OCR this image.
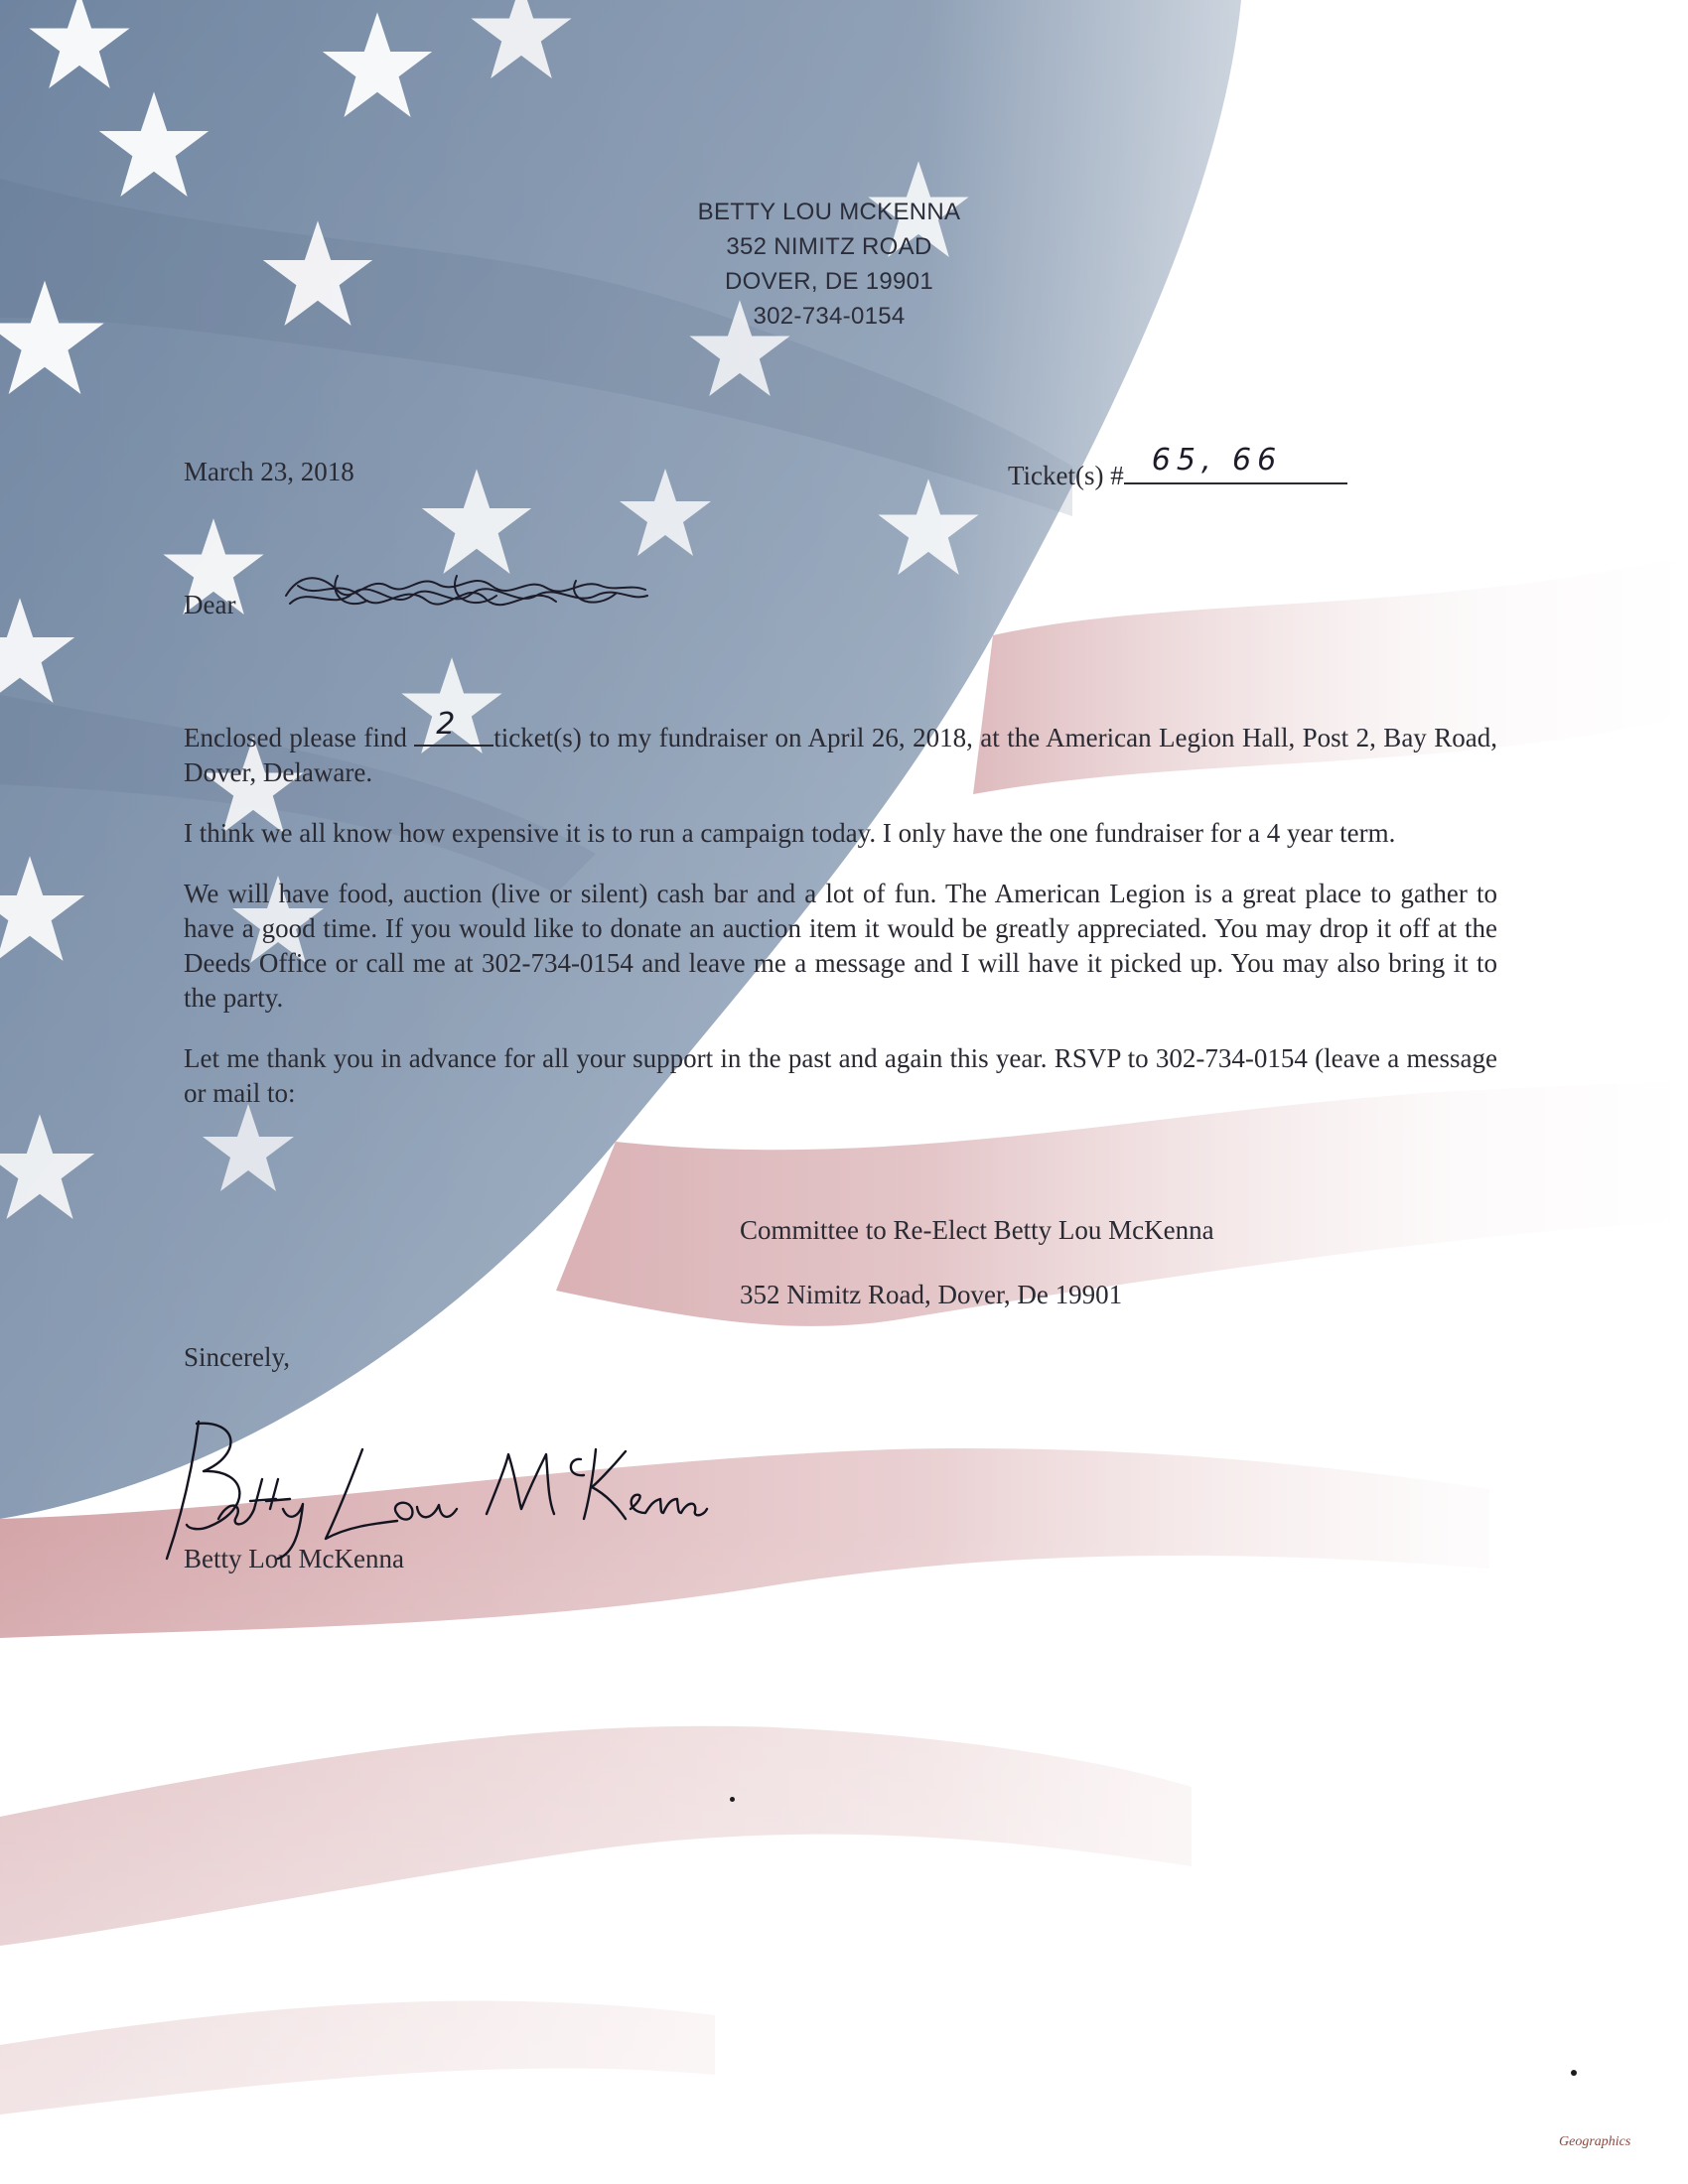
BETTY LOU MCKENNA
352 NIMITZ ROAD
DOVER, DE 19901
302-734-0154
March 23, 2018	Ticket(s) # 65, 66
Dear

Enclosed please find 2 ticket(s) to my fundraiser on April 26, 2018, at the American Legion Hall, Post 2, Bay Road, Dover, Delaware.

I think we all know how expensive it is to run a campaign today. I only have the one fundraiser for a 4 year term.

We will have food, auction (live or silent) cash bar and a lot of fun. The American Legion is a great place to gather to have a good time. If you would like to donate an auction item it would be greatly appreciated. You may drop it off at the Deeds Office or call me at 302-734-0154 and leave me a message and I will have it picked up. You may also bring it to the party.

Let me thank you in advance for all your support in the past and again this year. RSVP to 302-734-0154 (leave a message or mail to:

Committee to Re-Elect Betty Lou McKenna
352 Nimitz Road, Dover, De 19901
Sincerely,
Betty Lou McKenna
Geographics
